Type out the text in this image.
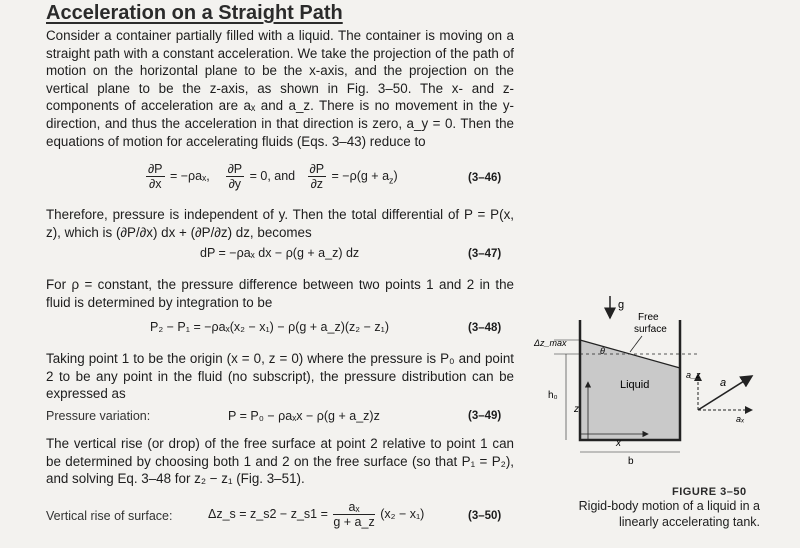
Acceleration on a Straight Path
Consider a container partially filled with a liquid. The container is moving on a straight path with a constant acceleration. We take the projection of the path of motion on the horizontal plane to be the x-axis, and the projection on the vertical plane to be the z-axis, as shown in Fig. 3–50. The x- and z-components of acceleration are aₓ and a_z. There is no movement in the y-direction, and thus the acceleration in that direction is zero, a_y = 0. Then the equations of motion for accelerating fluids (Eqs. 3–43) reduce to
$\frac{\partial P}{\partial x} = -\rho a_x$, $\frac{\partial P}{\partial y} = 0$, and $\frac{\partial P}{\partial z} = -\rho(g + a_z)$	(3–46)
Therefore, pressure is independent of y. Then the total differential of P = P(x, z), which is (∂P/∂x) dx + (∂P/∂z) dz, becomes
dP = −ρaₓ dx − ρ(g + a_z) dz	(3–47)
For ρ = constant, the pressure difference between two points 1 and 2 in the fluid is determined by integration to be
P₂ − P₁ = −ρaₓ(x₂ − x₁) − ρ(g + a_z)(z₂ − z₁)	(3–48)
Taking point 1 to be the origin (x = 0, z = 0) where the pressure is P₀ and point 2 to be any point in the fluid (no subscript), the pressure distribution can be expressed as
Pressure variation:	P = P₀ − ρaₓx − ρ(g + a_z)z	(3–49)
The vertical rise (or drop) of the free surface at point 2 relative to point 1 can be determined by choosing both 1 and 2 on the free surface (so that P₁ = P₂), and solving Eq. 3–48 for z₂ − z₁ (Fig. 3–51).
Vertical rise of surface:	Δz_s = z_s2 − z_s1 = $\frac{\text{aₓ}}{g + a\_z} (x_2 - x_1)$	(3–50)
g
Free
surface
Δz_max
θ
h₀
z
Liquid
x
b
a_z
a
aₓ
FIGURE 3–50
Rigid-body motion of a liquid in a linearly accelerating tank.
